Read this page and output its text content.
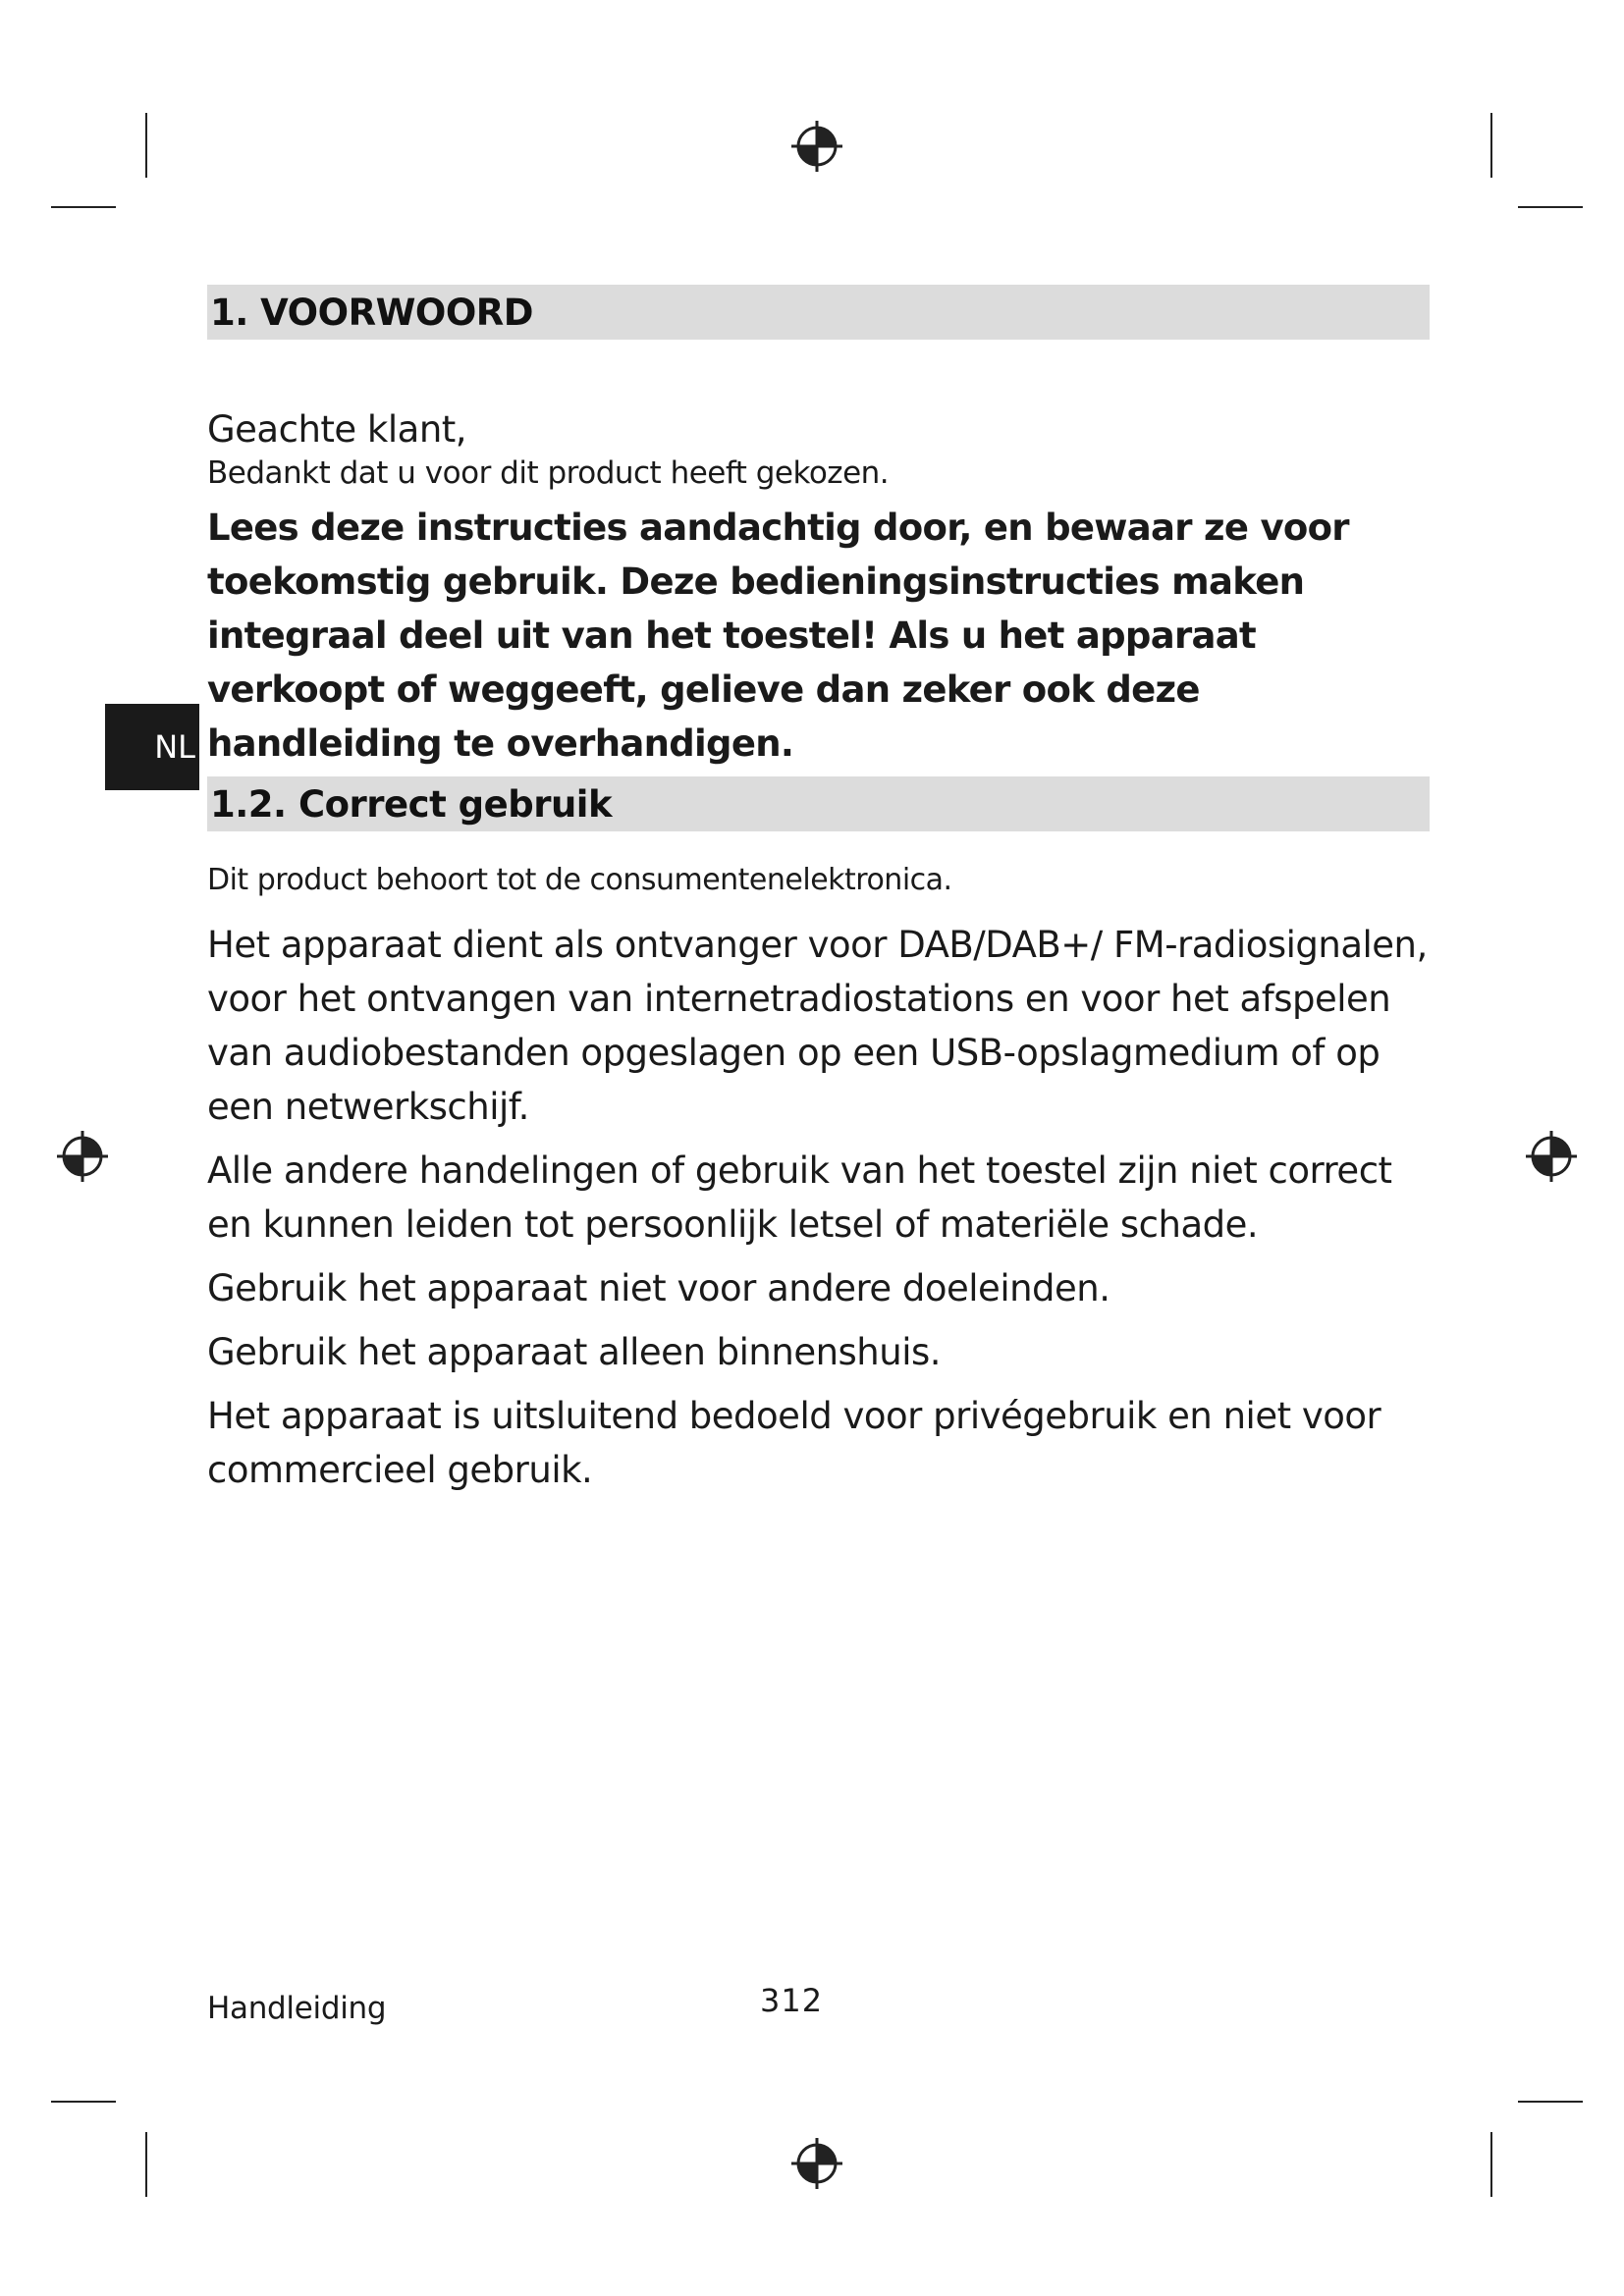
NL
1. VOORWOORD

Geachte klant,

Bedankt dat u voor dit product heeft gekozen.

Lees deze instructies aandachtig door, en bewaar ze voor toekomstig gebruik. Deze bedieningsinstructies maken integraal deel uit van het toestel! Als u het apparaat verkoopt of weggeeft, gelieve dan zeker ook deze handleiding te overhandigen.

1.2. Correct gebruik

Dit product behoort tot de consumentenelektronica.

Het apparaat dient als ontvanger voor DAB/DAB+/ FM-radiosignalen, voor het ontvangen van internetradiostations en voor het afspelen van audiobestanden opgeslagen op een USB-opslagmedium of op een netwerkschijf.

Alle andere handelingen of gebruik van het toestel zijn niet correct en kunnen leiden tot persoonlijk letsel of materiële schade.

Gebruik het apparaat niet voor andere doeleinden.

Gebruik het apparaat alleen binnenshuis.

Het apparaat is uitsluitend bedoeld voor privégebruik en niet voor commercieel gebruik.

Handleiding	312
